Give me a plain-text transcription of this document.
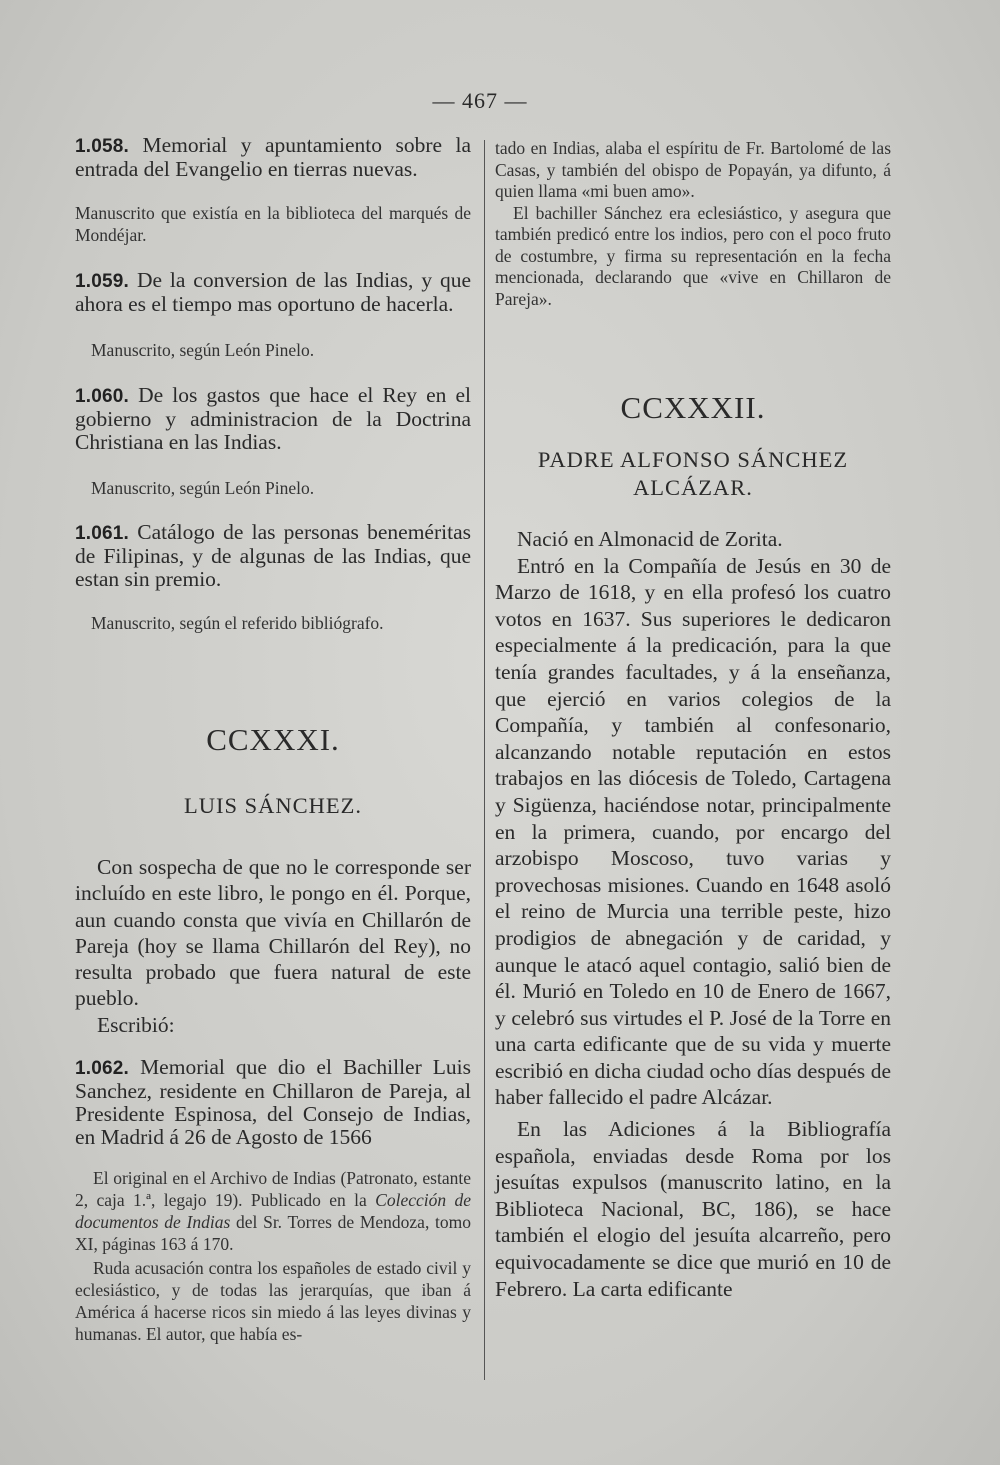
— 467 —

1.058. Memorial y apuntamiento sobre la entrada del Evangelio en tierras nuevas.

Manuscrito que existía en la biblioteca del marqués de Mondéjar.

1.059. De la conversion de las Indias, y que ahora es el tiempo mas oportuno de hacerla.

Manuscrito, según León Pinelo.

1.060. De los gastos que hace el Rey en el gobierno y administracion de la Doctrina Christiana en las Indias.

Manuscrito, según León Pinelo.

1.061. Catálogo de las personas beneméritas de Filipinas, y de algunas de las Indias, que estan sin premio.

Manuscrito, según el referido bibliógrafo.

CCXXXI.

LUIS SÁNCHEZ.

Con sospecha de que no le corresponde ser incluído en este libro, le pongo en él. Porque, aun cuando consta que vivía en Chillarón de Pareja (hoy se llama Chillarón del Rey), no resulta probado que fuera natural de este pueblo.

Escribió:

1.062. Memorial que dio el Bachiller Luis Sanchez, residente en Chillaron de Pareja, al Presidente Espinosa, del Consejo de Indias, en Madrid á 26 de Agosto de 1566

El original en el Archivo de Indias (Patronato, estante 2, caja 1.ª, legajo 19). Publicado en la Colección de documentos de Indias del Sr. Torres de Mendoza, tomo XI, páginas 163 á 170.

Ruda acusación contra los españoles de estado civil y eclesiástico, y de todas las jerarquías, que iban á América á hacerse ricos sin miedo á las leyes divinas y humanas. El autor, que había es-

tado en Indias, alaba el espíritu de Fr. Bartolomé de las Casas, y también del obispo de Popayán, ya difunto, á quien llama «mi buen amo».

El bachiller Sánchez era eclesiástico, y asegura que también predicó entre los indios, pero con el poco fruto de costumbre, y firma su representación en la fecha mencionada, declarando que «vive en Chillaron de Pareja».

CCXXXII.

PADRE ALFONSO SÁNCHEZ ALCÁZAR.

Nació en Almonacid de Zorita.

Entró en la Compañía de Jesús en 30 de Marzo de 1618, y en ella profesó los cuatro votos en 1637. Sus superiores le dedicaron especialmente á la predicación, para la que tenía grandes facultades, y á la enseñanza, que ejerció en varios colegios de la Compañía, y también al confesonario, alcanzando notable reputación en estos trabajos en las diócesis de Toledo, Cartagena y Sigüenza, haciéndose notar, principalmente en la primera, cuando, por encargo del arzobispo Moscoso, tuvo varias y provechosas misiones. Cuando en 1648 asoló el reino de Murcia una terrible peste, hizo prodigios de abnegación y de caridad, y aunque le atacó aquel contagio, salió bien de él. Murió en Toledo en 10 de Enero de 1667, y celebró sus virtudes el P. José de la Torre en una carta edificante que de su vida y muerte escribió en dicha ciudad ocho días después de haber fallecido el padre Alcázar.

En las Adiciones á la Bibliografía española, enviadas desde Roma por los jesuítas expulsos (manuscrito latino, en la Biblioteca Nacional, BC, 186), se hace también el elogio del jesuíta alcarreño, pero equivocadamente se dice que murió en 10 de Febrero. La carta edificante
